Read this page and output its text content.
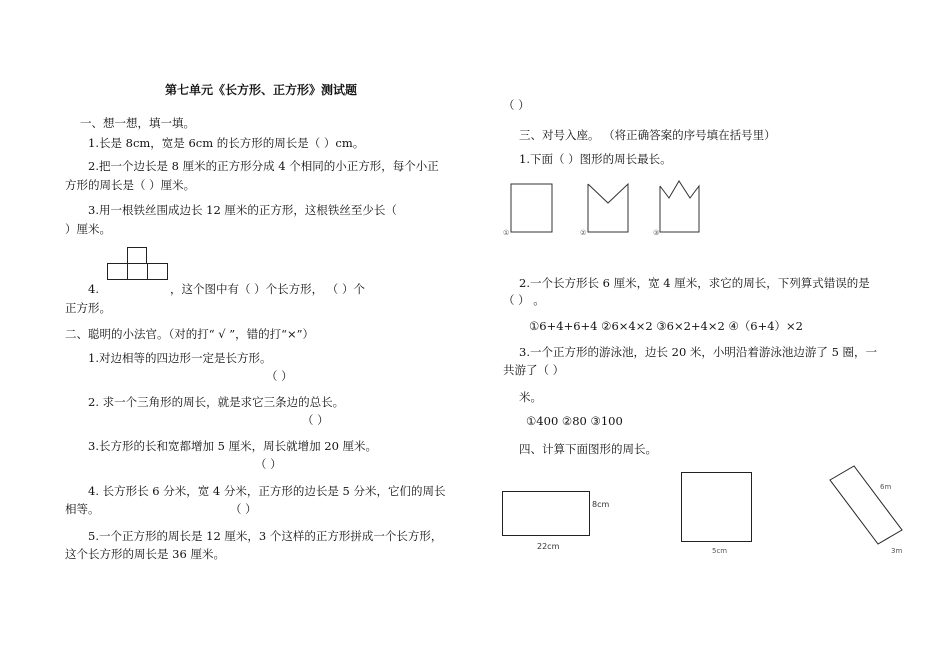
第七单元《长方形、正方形》测试题
一、想一想，填一填。
1.长是 8cm，宽是 6cm 的长方形的周长是（ ）cm。
2.把一个边长是 8 厘米的正方形分成 4 个相同的小正方形，每个小正
方形的周长是（ ）厘米。
3.用一根铁丝围成边长 12 厘米的正方形，这根铁丝至少长（
）厘米。
4.	，这个图中有（ ）个长方形， （ ）个
正方形。
二、聪明的小法官。（对的打“ √ ”，错的打“×”）
1.对边相等的四边形一定是长方形。
（ ）
2. 求一个三角形的周长，就是求它三条边的总长。
（ ）
3.长方形的长和宽都增加 5 厘米，周长就增加 20 厘米。
（ ）
4. 长方形长 6 分米，宽 4 分米，正方形的边长是 5 分米，它们的周长
相等。	（ ）
5.一个正方形的周长是 12 厘米，3 个这样的正方形拼成一个长方形，
这个长方形的周长是 36 厘米。
（ ）
三、对号入座。 （将正确答案的序号填在括号里）
1.下面（ ）图形的周长最长。
①	②	③
2.一个长方形长 6 厘米，宽 4 厘米，求它的周长，下列算式错误的是
（ ） 。
①6+4+6+4 ②6×4×2 ③6×2+4×2 ④（6+4）×2
3.一个正方形的游泳池，边长 20 米，小明沿着游泳池边游了 5 圈，一
共游了（ ）
米。
①400 ②80 ③100
四、计算下面图形的周长。
8cm
22cm	5cm
6m
3m
